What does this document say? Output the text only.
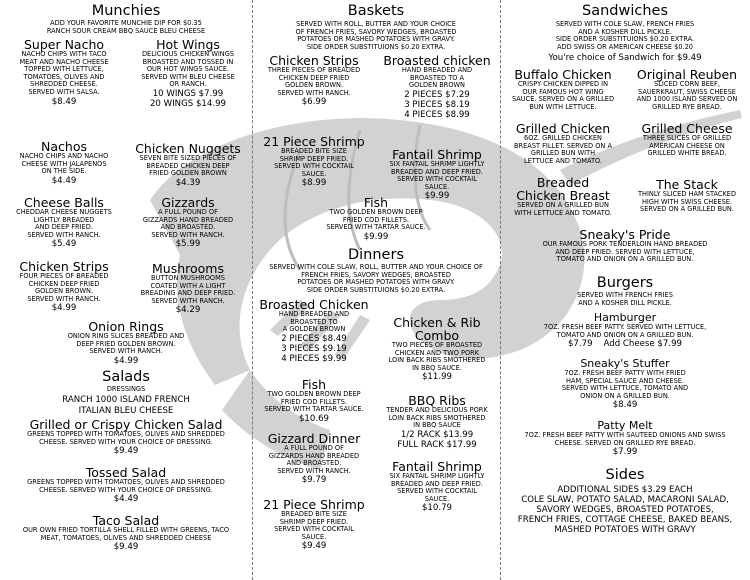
Munchies

ADD YOUR FAVORITE MUNCHIE DIP FOR $0.35

RANCH SOUR CREAM BBQ SAUCE BLEU CHEESE

Super Nacho

NACHO CHIPS WITH TACO

MEAT AND NACHO CHEESE

TOPPED WITH LETTUCE,

TOMATOES, OLIVES AND

SHREDDED CHEESE.

SERVED WITH SALSA.

$8.49

Hot Wings

DELICIOUS CHICKEN WINGS

BROASTED AND TOSSED IN

OUR HOT WINGS SAUCE.

SERVED WITH BLEU CHEESE

OR RANCH.

10 WINGS $7.99

20 WINGS $14.99

Nachos

NACHO CHIPS AND NACHO

CHEESE WITH JALAPENOS

ON THE SIDE.

$4.49

Chicken Nuggets

SEVEN BITE SIZED PIECES OF

BREADED CHICKEN DEEP

FRIED GOLDEN BROWN

$4.39

Cheese Balls

CHEDDAR CHEESE NUGGETS

LIGHTLY BREADED

AND DEEP FRIED.

SERVED WITH RANCH.

$5.49

Gizzards

A FULL POUND OF

GIZZARDS HAND BREADED

AND BROASTED.

SERVED WITH RANCH.

$5.99

Chicken Strips

FOUR PIECES OF BREADED

CHICKEN DEEP FRIED

GOLDEN BROWN.

SERVED WITH RANCH.

$4.99

Mushrooms

BUTTON MUSHROOMS

COATED WITH A LIGHT

BREADING AND DEEP FRIED.

SERVED WITH RANCH.

$4.29

Onion Rings

ONION RING SLICES BREADED AND

DEEP FRIED GOLDEN BROWN.

SERVED WITH RANCH.

$4.99

Salads

DRESSINGS

RANCH 1000 ISLAND FRENCH

ITALIAN BLEU CHEESE

Grilled or Crispy Chicken Salad

GREENS TOPPED WITH TOMATOES, OLIVES AND SHREDDED

CHEESE. SERVED WITH YOUR CHOICE OF DRESSING.

$9.49

Tossed Salad

GREENS TOPPED WITH TOMATOES, OLIVES AND SHREDDED

CHEESE. SERVED WITH YOUR CHOICE OF DRESSING.

$4.49

Taco Salad

OUR OWN FRIED TORTILLA SHELL FILLED WITH GREENS, TACO

MEAT, TOMATOES, OLIVES AND SHREDDED CHEESE

$9.49

Baskets

SERVED WITH ROLL, BUTTER AND YOUR CHOICE

OF FRENCH FRIES, SAVORY WEDGES, BROASTED

POTATOES OR MASHED POTATOES WITH GRAVY.

SIDE ORDER SUBSTITUIONS $0.20 EXTRA.

Chicken Strips

THREE PIECES OF BREADED

CHICKEN DEEP FRIED

GOLDEN BROWN.

SERVED WITH RANCH.

$6.99

Broasted chicken

HAND BREADED AND

BROASTED TO A

GOLDEN BROWN

2 PIECES $7.29

3 PIECES $8.19

4 PIECES $8.99

21 Piece Shrimp

BREADED BITE SIZE

SHRIMP DEEP FRIED.

SERVED WITH COCKTAIL

SAUCE.

$8.99

Fantail Shrimp

SIX FANTAIL SHRIMP LIGHTLY

BREADED AND DEEP FRIED.

SERVED WITH COCKTAIL

SAUCE.

$9.99

Fish

TWO GOLDEN BROWN DEEP

FRIED COD FILLETS.

SERVED WITH TARTAR SAUCE.

$9.99

Dinners

SERVED WITH COLE SLAW, ROLL, BUTTER AND YOUR CHOICE OF

FRENCH FRIES, SAVORY WEDGES, BROASTED

POTATOES OR MASHED POTATOES WITH GRAVY.

SIDE ORDER SUBSTITUIONS $0.20 EXTRA.

Broasted Chicken

HAND BREADED AND

BROASTED TO

A GOLDEN BROWN

2 PIECES $8.49

3 PIECES $9.19

4 PIECES $9.99

Chicken & Rib

Combo

TWO PIECES OF BROASTED

CHICKEN AND TWO PORK

LOIN BACK RIBS SMOTHERED

IN BBQ SAUCE.

$11.99

Fish

TWO GOLDEN BROWN DEEP

FRIED COD FILLETS.

SERVED WITH TARTAR SAUCE.

$10.69

BBQ Ribs

TENDER AND DELICIOUS PORK

LOIN BACK RIBS SMOTHERED

IN BBQ SAUCE

1/2 RACK $13.99

FULL RACK $17.99

Gizzard Dinner

A FULL POUND OF

GIZZARDS HAND BREADED

AND BROASTED.

SERVED WITH RANCH.

$9.79

Fantail Shrimp

SIX FANTAIL SHRIMP LIGHTLY

BREADED AND DEEP FRIED.

SERVED WITH COCKTAIL

SAUCE.

$10.79

21 Piece Shrimp

BREADED BITE SIZE

SHRIMP DEEP FRIED.

SERVED WITH COCKTAIL

SAUCE.

$9.49

Sandwiches

SERVED WITH COLE SLAW, FRENCH FRIES

AND A KOSHER DILL PICKLE.

SIDE ORDER SUBSTITUIONS $0.20 EXTRA.

ADD SWISS OR AMERICAN CHEESE $0.20

You're choice of Sandwich for $9.49

Buffalo Chicken

CRISPY CHICKEN DIPPED IN

OUR FAMOUS HOT WING

SAUCE. SERVED ON A GRILLED

BUN WITH LETTUCE.

Original Reuben

SLICED CORN BEEF,

SAUERKRAUT, SWISS CHEESE

AND 1000 ISLAND SERVED ON

GRILLED RYE BREAD.

Grilled Chicken

6OZ. GRILLED CHICKEN

BREAST FILLET. SERVED ON A

GRILLED BUN WITH

LETTUCE AND TOMATO.

Grilled Cheese

THREE SLICES OF GRILLED

AMERICAN CHEESE ON

GRILLED WHITE BREAD.

Breaded

Chicken Breast

SERVED ON A GRILLED BUN

WITH LETTUCE AND TOMATO.

The Stack

THINLY SLICED HAM STACKED

HIGH WITH SWISS CHEESE.

SERVED ON A GRILLED BUN.

Sneaky's Pride

OUR FAMOUS PORK TENDERLOIN HAND BREADED

AND DEEP FRIED. SERVED WITH LETTUCE,

TOMATO AND ONION ON A GRILLED BUN.

Burgers

SERVED WITH FRENCH FRIES

AND A KOSHER DILL PICKLE.

Hamburger

7OZ. FRESH BEEF PATTY. SERVED WITH LETTUCE,

TOMATO AND ONION ON A GRILLED BUN.

$7.79 Add Cheese $7.99

Sneaky's Stuffer

7OZ. FRESH BEEF PATTY WITH FRIED

HAM, SPECIAL SAUCE AND CHEESE.

SERVED WITH LETTUCE, TOMATO AND

ONION ON A GRILLED BUN.

$8.49

Patty Melt

7OZ. FRESH BEEF PATTY WITH SAUTEED ONIONS AND SWISS

CHEESE. SERVED ON GRILLED RYE BREAD.

$7.99

Sides

ADDITIONAL SIDES $3.29 EACH

COLE SLAW, POTATO SALAD, MACARONI SALAD,

SAVORY WEDGES, BROASTED POTATOES,

FRENCH FRIES, COTTAGE CHEESE, BAKED BEANS,

MASHED POTATOES WITH GRAVY
